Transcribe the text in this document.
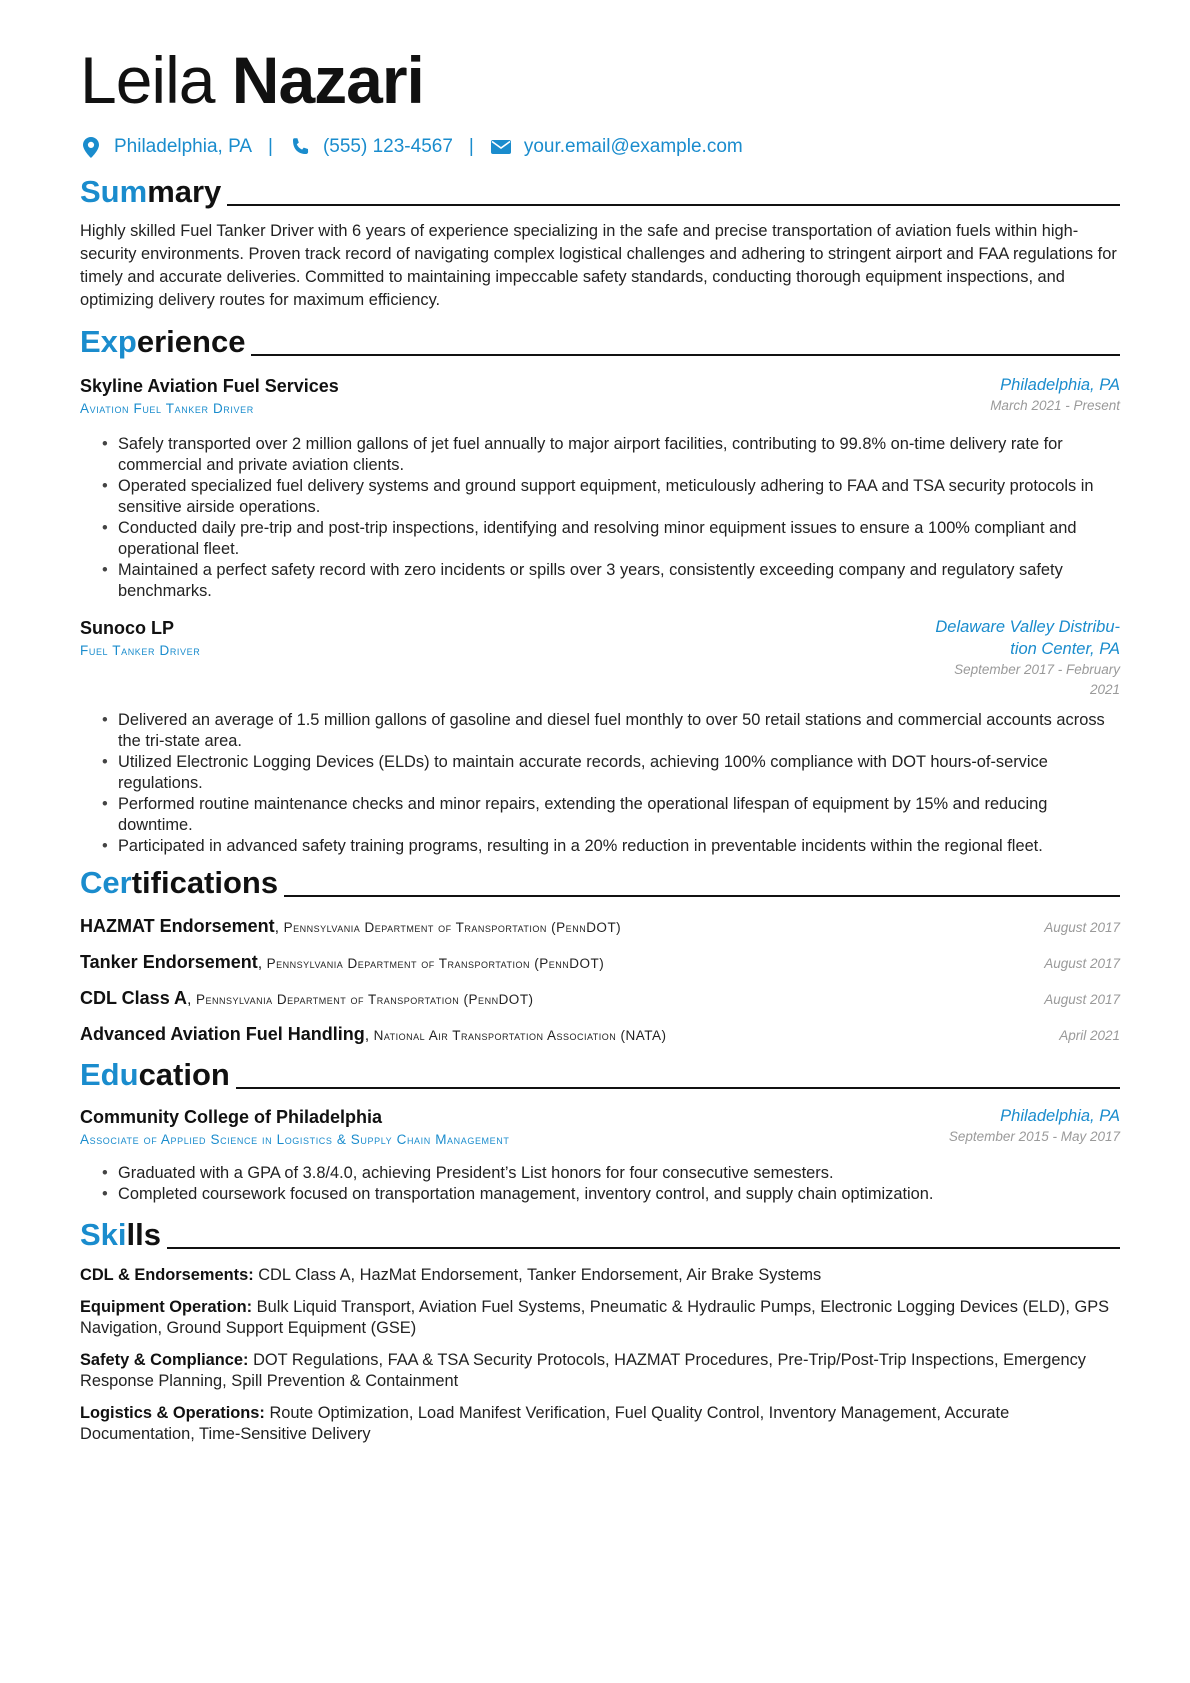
Leila Nazari
Philadelphia, PA |	(555) 123-4567 |	your.email@example.com
Summary

Highly skilled Fuel Tanker Driver with 6 years of experience specializing in the safe and precise transportation of aviation fuels within high-security environments. Proven track record of navigating complex logistical challenges and adhering to stringent airport and FAA regulations for timely and accurate deliveries. Committed to maintaining impeccable safety standards, conducting thorough equipment inspections, and optimizing delivery routes for maximum efficiency.

Experience
Skyline Aviation Fuel Services
Aviation Fuel Tanker Driver
Philadelphia, PA
March 2021 - Present
• Safely transported over 2 million gallons of jet fuel annually to major airport facilities, contributing to 99.8% on-time delivery rate for commercial and private aviation clients.
• Operated specialized fuel delivery systems and ground support equipment, meticulously adhering to FAA and TSA security protocols in sensitive airside operations.
• Conducted daily pre-trip and post-trip inspections, identifying and resolving minor equipment issues to ensure a 100% compliant and operational fleet.
• Maintained a perfect safety record with zero incidents or spills over 3 years, consistently exceeding company and regulatory safety benchmarks.
Sunoco LP
Fuel Tanker Driver
Delaware Valley Distribu-
tion Center, PA
September 2017 - February
2021
• Delivered an average of 1.5 million gallons of gasoline and diesel fuel monthly to over 50 retail stations and commercial accounts across the tri-state area.
• Utilized Electronic Logging Devices (ELDs) to maintain accurate records, achieving 100% compliance with DOT hours-of-service regulations.
• Performed routine maintenance checks and minor repairs, extending the operational lifespan of equipment by 15% and reducing downtime.
• Participated in advanced safety training programs, resulting in a 20% reduction in preventable incidents within the regional fleet.
Certifications
HAZMAT Endorsement, Pennsylvania Department of Transportation (PennDOT)	August 2017
Tanker Endorsement, Pennsylvania Department of Transportation (PennDOT)	August 2017
CDL Class A, Pennsylvania Department of Transportation (PennDOT)	August 2017
Advanced Aviation Fuel Handling, National Air Transportation Association (NATA)	April 2021
Education
Community College of Philadelphia
Associate of Applied Science in Logistics & Supply Chain Management
Philadelphia, PA
September 2015 - May 2017
• Graduated with a GPA of 3.8/4.0, achieving President’s List honors for four consecutive semesters.
• Completed coursework focused on transportation management, inventory control, and supply chain optimization.
Skills

CDL & Endorsements: CDL Class A, HazMat Endorsement, Tanker Endorsement, Air Brake Systems

Equipment Operation: Bulk Liquid Transport, Aviation Fuel Systems, Pneumatic & Hydraulic Pumps, Electronic Logging Devices (ELD), GPS Navigation, Ground Support Equipment (GSE)

Safety & Compliance: DOT Regulations, FAA & TSA Security Protocols, HAZMAT Procedures, Pre-Trip/Post-Trip Inspections, Emergency Response Planning, Spill Prevention & Containment

Logistics & Operations: Route Optimization, Load Manifest Verification, Fuel Quality Control, Inventory Management, Accurate Documentation, Time-Sensitive Delivery
